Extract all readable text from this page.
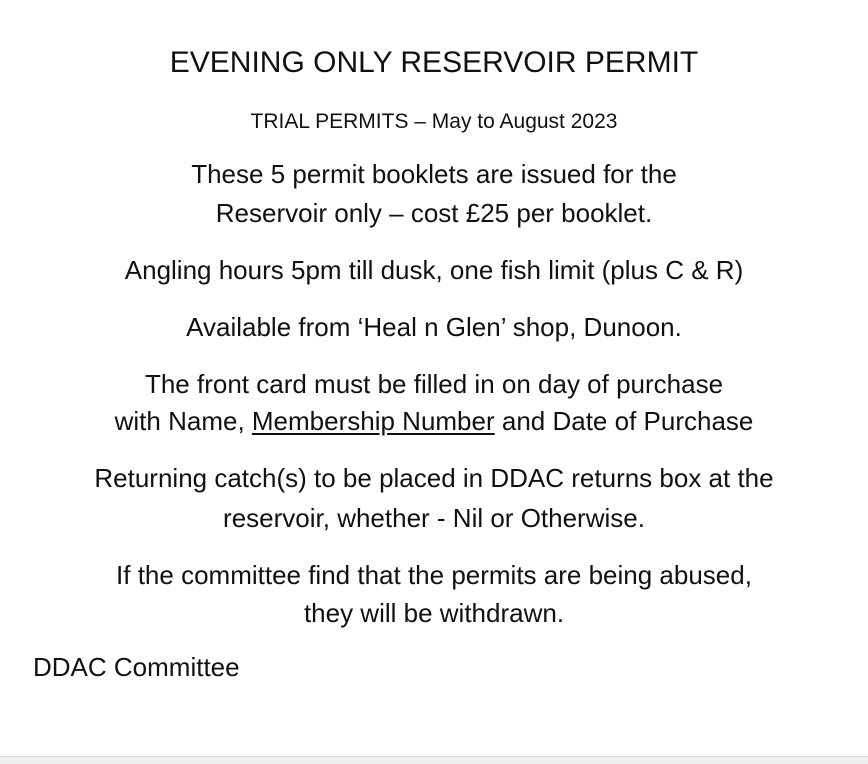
EVENING ONLY RESERVOIR PERMIT
TRIAL PERMITS – May to August 2023
These 5 permit booklets are issued for the
Reservoir only – cost £25 per booklet.
Angling hours 5pm till dusk, one fish limit (plus C & R)
Available from ‘Heal n Glen’ shop, Dunoon.
The front card must be filled in on day of purchase
with Name, Membership Number and Date of Purchase
Returning catch(s) to be placed in DDAC returns box at the
reservoir, whether - Nil or Otherwise.
If the committee find that the permits are being abused,
they will be withdrawn.
DDAC Committee
